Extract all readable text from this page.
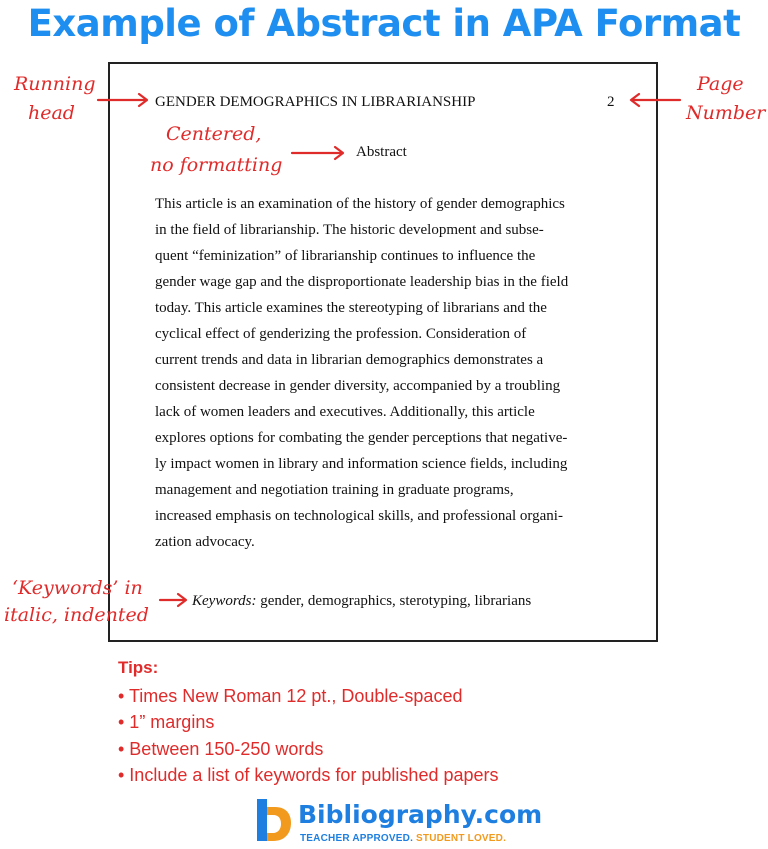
Example of Abstract in APA Format
GENDER DEMOGRAPHICS IN LIBRARIANSHIP	2
Abstract
This article is an examination of the history of gender demographics
in the field of librarianship. The historic development and subse-
quent “feminization” of librarianship continues to influence the
gender wage gap and the disproportionate leadership bias in the field
today. This article examines the stereotyping of librarians and the
cyclical effect of genderizing the profession. Consideration of
current trends and data in librarian demographics demonstrates a
consistent decrease in gender diversity, accompanied by a troubling
lack of women leaders and executives. Additionally, this article
explores options for combating the gender perceptions that negative-
ly impact women in library and information science fields, including
management and negotiation training in graduate programs,
increased emphasis on technological skills, and professional organi-
zation advocacy.
Keywords: gender, demographics, sterotyping, librarians
Running
head
Page
Number
Centered,
no formatting
‘Keywords’ in
italic, indented
Tips:
• Times New Roman 12 pt., Double-spaced
• 1” margins
• Between 150-250 words
• Include a list of keywords for published papers
Bibliography.com
TEACHER APPROVED. STUDENT LOVED.
